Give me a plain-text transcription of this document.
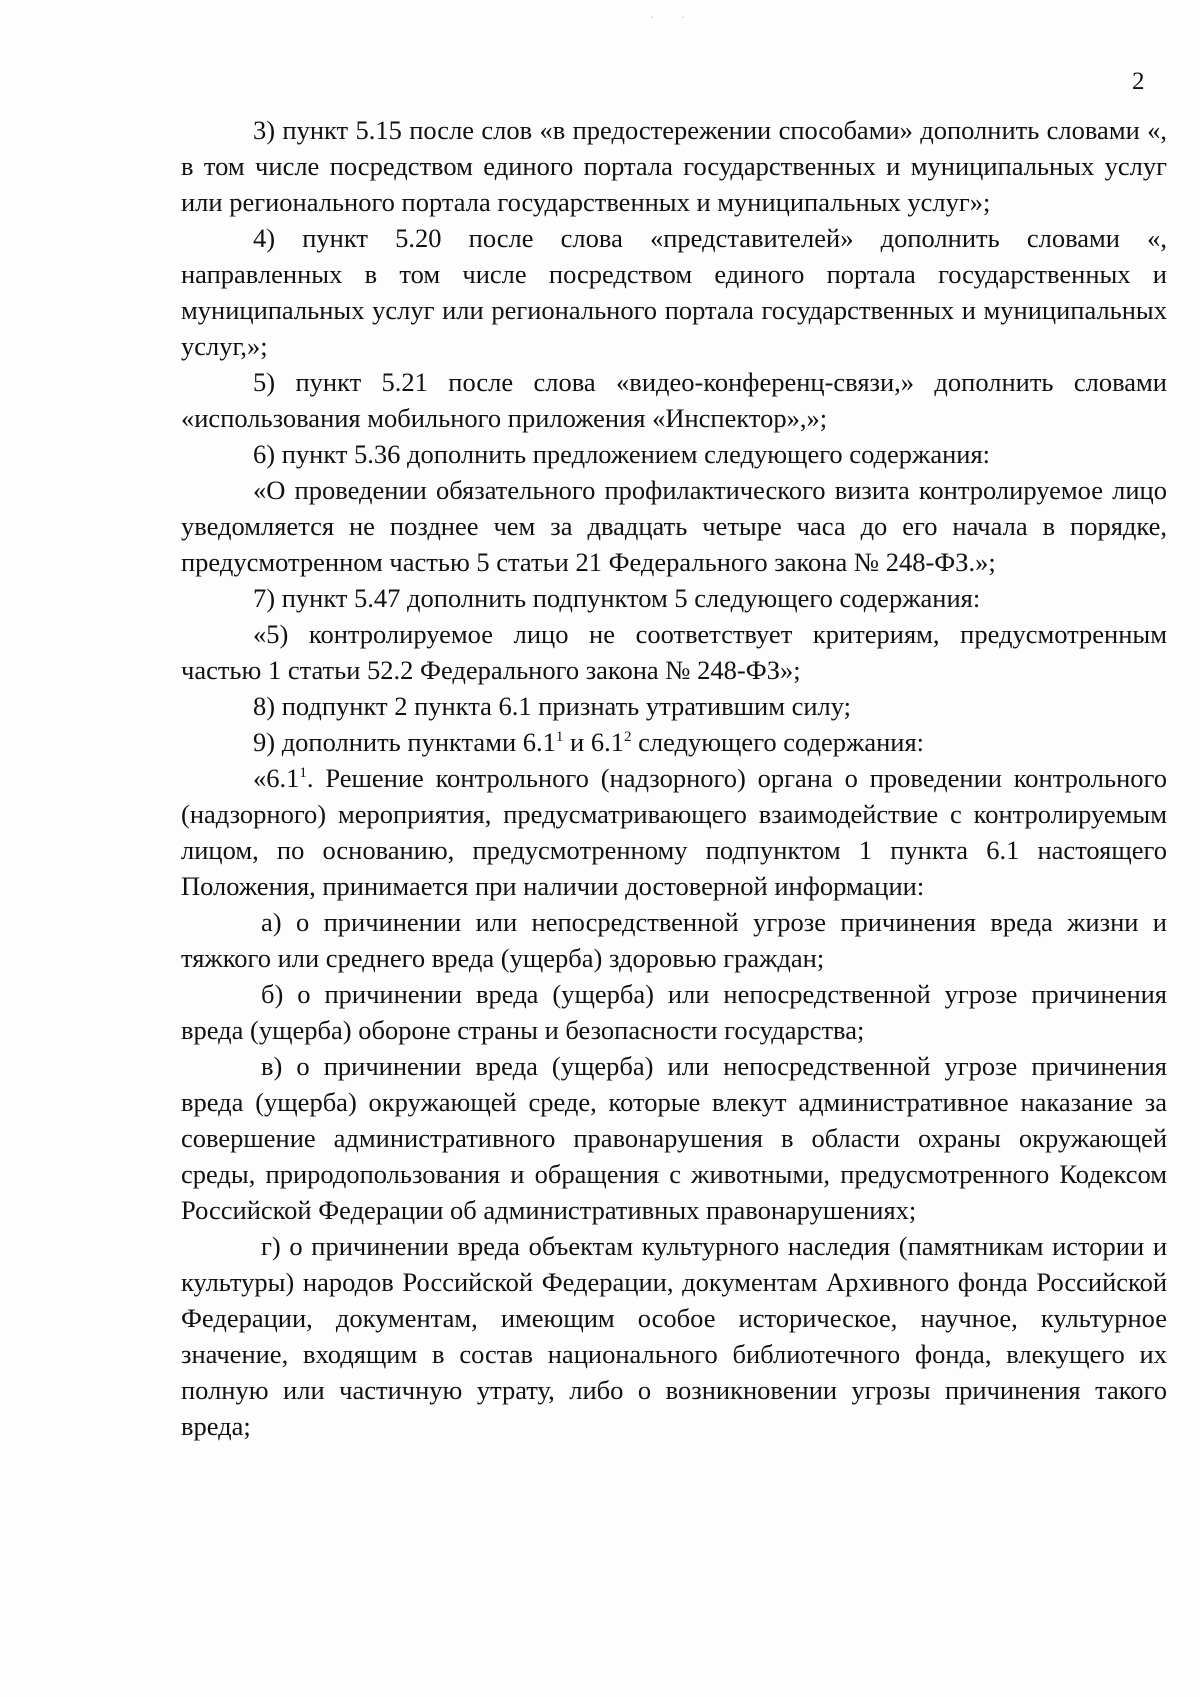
· ·
2

3) пункт 5.15 после слов «в предостережении способами» дополнить словами «, в том числе посредством единого портала государственных и муниципальных услуг или регионального портала государственных и муниципальных услуг»;

4) пункт 5.20 после слова «представителей» дополнить словами «, направленных в том числе посредством единого портала государственных и муниципальных услуг или регионального портала государственных и муниципальных услуг,»;

5) пункт 5.21 после слова «видео-конференц-связи,» дополнить словами «использования мобильного приложения «Инспектор»,»;

6) пункт 5.36 дополнить предложением следующего содержания:

«О проведении обязательного профилактического визита контролируемое лицо уведомляется не позднее чем за двадцать четыре часа до его начала в порядке, предусмотренном частью 5 статьи 21 Федерального закона № 248-ФЗ.»;

7) пункт 5.47 дополнить подпунктом 5 следующего содержания:

«5) контролируемое лицо не соответствует критериям, предусмотренным частью 1 статьи 52.2 Федерального закона № 248-ФЗ»;

8) подпункт 2 пункта 6.1 признать утратившим силу;

9) дополнить пунктами $6.1^1$ и $6.1^2$ следующего содержания:

«$6.1^1$. Решение контрольного (надзорного) органа о проведении контрольного (надзорного) мероприятия, предусматривающего взаимодействие с контролируемым лицом, по основанию, предусмотренному подпунктом 1 пункта 6.1 настоящего Положения, принимается при наличии достоверной информации:

а) о причинении или непосредственной угрозе причинения вреда жизни и тяжкого или среднего вреда (ущерба) здоровью граждан;

б) о причинении вреда (ущерба) или непосредственной угрозе причинения вреда (ущерба) обороне страны и безопасности государства;

в) о причинении вреда (ущерба) или непосредственной угрозе причинения вреда (ущерба) окружающей среде, которые влекут административное наказание за совершение административного правонарушения в области охраны окружающей среды, природопользования и обращения с животными, предусмотренного Кодексом Российской Федерации об административных правонарушениях;

г) о причинении вреда объектам культурного наследия (памятникам истории и культуры) народов Российской Федерации, документам Архивного фонда Российской Федерации, документам, имеющим особое историческое, научное, культурное значение, входящим в состав национального библиотечного фонда, влекущего их полную или частичную утрату, либо о возникновении угрозы причинения такого вреда;
